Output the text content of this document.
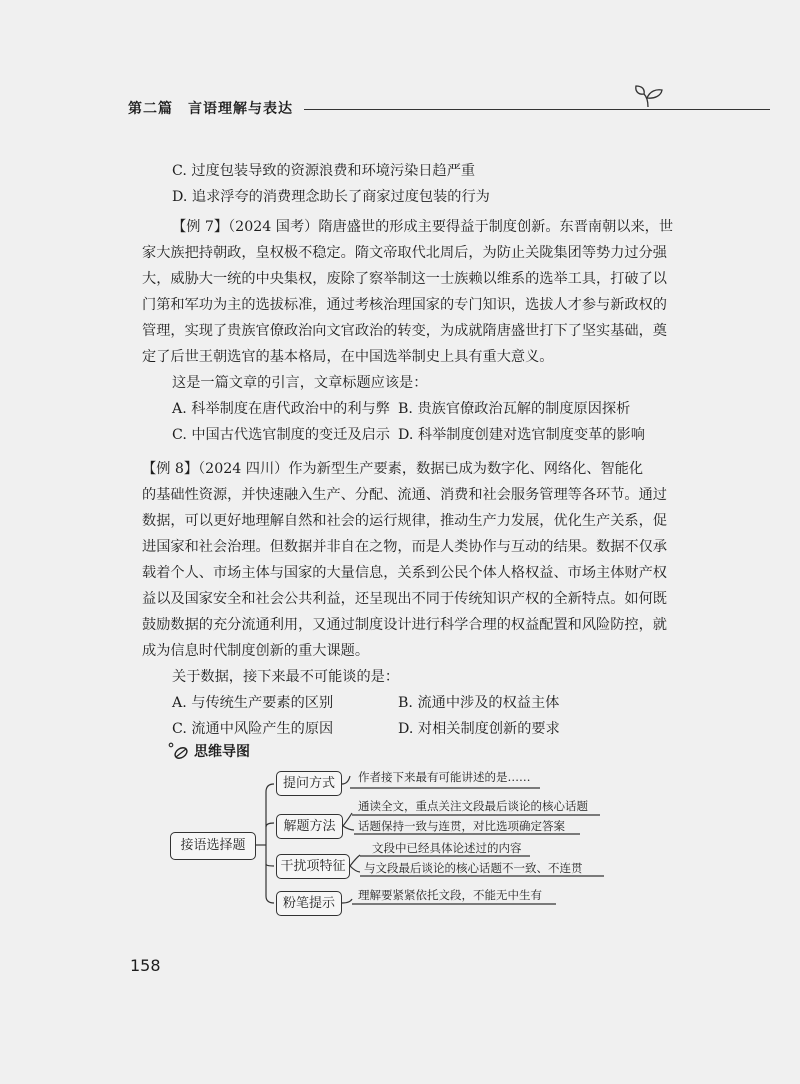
第二篇　言语理解与表达
C. 过度包装导致的资源浪费和环境污染日趋严重
D. 追求浮夸的消费理念助长了商家过度包装的行为
【例 7】（2024 国考）隋唐盛世的形成主要得益于制度创新。东晋南朝以来，世
家大族把持朝政，皇权极不稳定。隋文帝取代北周后，为防止关陇集团等势力过分强
大，威胁大一统的中央集权，废除了察举制这一士族赖以维系的选举工具，打破了以
门第和军功为主的选拔标准，通过考核治理国家的专门知识，选拔人才参与新政权的
管理，实现了贵族官僚政治向文官政治的转变，为成就隋唐盛世打下了坚实基础，奠
定了后世王朝选官的基本格局，在中国选举制史上具有重大意义。
这是一篇文章的引言，文章标题应该是：
A. 科举制度在唐代政治中的利与弊 B. 贵族官僚政治瓦解的制度原因探析
C. 中国古代选官制度的变迁及启示 D. 科举制度创建对选官制度变革的影响
【例 8】（2024 四川）作为新型生产要素，数据已成为数字化、网络化、智能化
的基础性资源，并快速融入生产、分配、流通、消费和社会服务管理等各环节。通过
数据，可以更好地理解自然和社会的运行规律，推动生产力发展，优化生产关系，促
进国家和社会治理。但数据并非自在之物，而是人类协作与互动的结果。数据不仅承
载着个人、市场主体与国家的大量信息，关系到公民个体人格权益、市场主体财产权
益以及国家安全和社会公共利益，还呈现出不同于传统知识产权的全新特点。如何既
鼓励数据的充分流通利用，又通过制度设计进行科学合理的权益配置和风险防控，就
成为信息时代制度创新的重大课题。
关于数据，接下来最不可能谈的是：
A. 与传统生产要素的区别	B. 流通中涉及的权益主体
C. 流通中风险产生的原因	D. 对相关制度创新的要求
思维导图
接语选择题
提问方式
解题方法
干扰项特征
粉笔提示
作者接下来最有可能讲述的是……
通读全文，重点关注文段最后谈论的核心话题
话题保持一致与连贯，对比选项确定答案
文段中已经具体论述过的内容
与文段最后谈论的核心话题不一致、不连贯
理解要紧紧依托文段，不能无中生有
158
